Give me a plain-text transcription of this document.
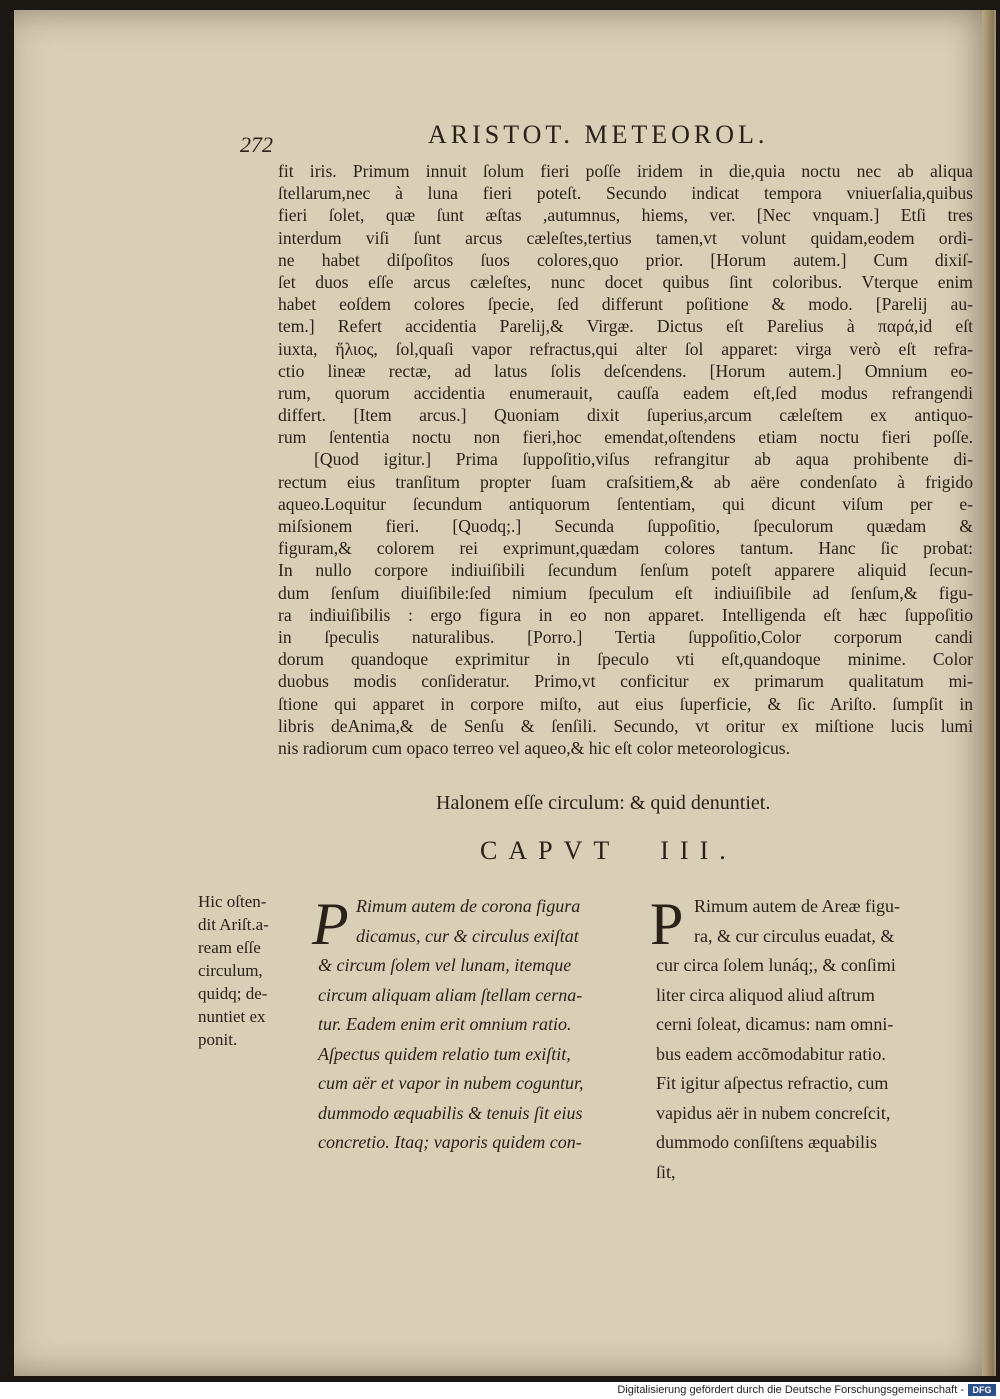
272	ARISTOT. METEOROL.
fit iris. Primum innuit ſolum fieri poſſe iridem in die,quia noctu nec ab aliqua
ſtellarum,nec à luna fieri poteſt. Secundo indicat tempora vniuerſalia,quibus
fieri ſolet, quæ ſunt æſtas ,autumnus, hiems, ver. [Nec vnquam.] Etſi tres
interdum viſi ſunt arcus cæleſtes,tertius tamen,vt volunt quidam,eodem ordi-
ne habet diſpoſitos ſuos colores,quo prior. [Horum autem.] Cum dixiſ-
ſet duos eſſe arcus cæleſtes, nunc docet quibus ſint coloribus. Vterque enim
habet eoſdem colores ſpecie, ſed differunt poſitione & modo. [Parelij au-
tem.] Refert accidentia Parelij,& Virgæ. Dictus eſt Parelius à παρά,id eſt
iuxta, ἥλιος, ſol,quaſi vapor refractus,qui alter ſol apparet: virga verò eſt refra-
ctio lineæ rectæ, ad latus ſolis deſcendens. [Horum autem.] Omnium eo-
rum, quorum accidentia enumerauit, cauſſa eadem eſt,ſed modus refrangendi
differt. [Item arcus.] Quoniam dixit ſuperius,arcum cæleſtem ex antiquo-
rum ſententia noctu non fieri,hoc emendat,oſtendens etiam noctu fieri poſſe.
[Quod igitur.] Prima ſuppoſitio,viſus refrangitur ab aqua prohibente di-
rectum eius tranſitum propter ſuam craſsitiem,& ab aëre condenſato à frigido
aqueo.Loquitur ſecundum antiquorum ſententiam, qui dicunt viſum per e-
miſsionem fieri. [Quodq;.] Secunda ſuppoſitio, ſpeculorum quædam &
figuram,& colorem rei exprimunt,quædam colores tantum. Hanc ſic probat:
In nullo corpore indiuiſibili ſecundum ſenſum poteſt apparere aliquid ſecun-
dum ſenſum diuiſibile:ſed nimium ſpeculum eſt indiuiſibile ad ſenſum,& figu-
ra indiuiſibilis : ergo figura in eo non apparet. Intelligenda eſt hæc ſuppoſitio
in ſpeculis naturalibus. [Porro.] Tertia ſuppoſitio,Color corporum candi
dorum quandoque exprimitur in ſpeculo vti eſt,quandoque minime. Color
duobus modis conſideratur. Primo,vt conficitur ex primarum qualitatum mi-
ſtione qui apparet in corpore miſto, aut eius ſuperficie, & ſic Ariſto. ſumpſit in
libris deAnima,& de Senſu & ſenſili. Secundo, vt oritur ex miſtione lucis lumi
nis radiorum cum opaco terreo vel aqueo,& hic eſt color meteorologicus.
Halonem eſſe circulum: & quid denuntiet.
CAPVT III.
Hic oſten-
dit Ariſt.a-
ream eſſe
circulum,
quidq; de-
nuntiet ex
ponit.
P Rimum autem de corona figura
dicamus, cur & circulus exiſtat
& circum ſolem vel lunam, itemque
circum aliquam aliam ſtellam cerna-
tur. Eadem enim erit omnium ratio.
Aſpectus quidem relatio tum exiſtit,
cum aër et vapor in nubem coguntur,
dummodo æquabilis & tenuis ſit eius
concretio. Itaq; vaporis quidem con-
P Rimum autem de Areæ figu-
ra, & cur circulus euadat, &
cur circa ſolem lunáq;, & conſimi
liter circa aliquod aliud aſtrum
cerni ſoleat, dicamus: nam omni-
bus eadem accõmodabitur ratio.
Fit igitur aſpectus refractio, cum
vapidus aër in nubem concreſcit,
dummodo conſiſtens æquabilis
ſit,
Digitalisierung gefördert durch die Deutsche Forschungsgemeinschaft - DFG
